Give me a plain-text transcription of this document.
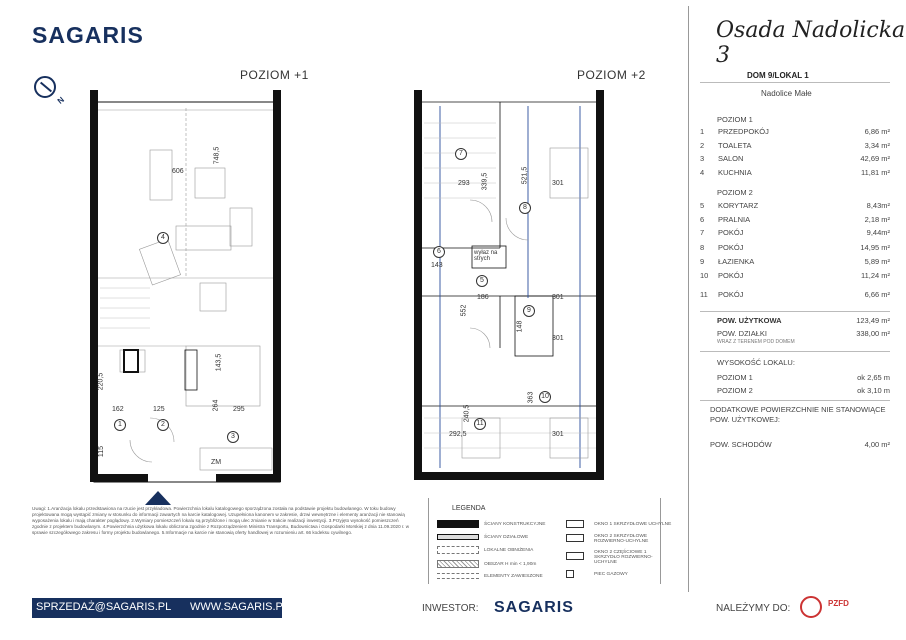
SAGARIS	Osada Nadolicka 3
POZIOM +1	POZIOM +2
N
606
748,5
143,5
264 295
162	125
220,5
115
ZM
4
1	2
3
339,5
293	521,5	301
wyłaz na strych
186	301
552
148
301
363
240,5
292,5	301
143
7
8
6
5
9
10
11
DOM 9/LOKAL 1
Nadolice Małe
POZIOM 1
POZIOM 2
1	PRZEDPOKÓJ	6,86 m²
2	TOALETA	3,34 m²
3	SALON	42,69 m²
4	KUCHNIA	11,81 m²
5	KORYTARZ	8,43m²
6	PRALNIA	2,18 m²
7	POKÓJ	9,44m²
8	POKÓJ	14,95 m²
9	ŁAZIENKA	5,89 m²
10 POKÓJ	11,24 m²
11 POKÓJ	6,66 m²
POW. UŻYTKOWA	123,49 m²
POW. DZIAŁKI	338,00 m²
WRAZ Z TERENEM POD DOMEM
WYSOKOŚĆ LOKALU:
POZIOM 1	ok 2,65 m
POZIOM 2	ok 3,10 m
DODATKOWE POWIERZCHNIE NIE STANOWIĄCE POW. UŻYTKOWEJ:
POW. SCHODÓW	4,00 m²
Uwagi: 1.Aranżacja lokalu przedstawiona na rzucie jest przykładowa. Powierzchnia lokalu katalogowego sporządzona została na podstawie projektu budowlanego. W toku budowy projektowana mogą wystąpić zmiany w stosunku do informacji zawartych na karcie katalogowej. Uzupełniona kanonem w zakresie, drzwi wewnętrzne i elementy aranżacji nie stanowią wyposażenia lokalu i mają charakter poglądowy. 2.Wymiary pomieszczeń lokalu są przybliżone i mogą ulec zmianie w trakcie realizacji inwestycji. 3.Przyjęto wysokość pomieszczeń zgodnie z projektem budowlanym. 4.Powierzchnia użytkowa lokalu obliczona zgodnie z Rozporządzeniem Ministra Transportu, Budownictwa i Gospodarki Morskiej z dnia 11.09.2020 r. w sprawie szczegółowego zakresu i formy projektu budowlanego. 5.Informacje na karcie nie stanowią oferty handlowej w rozumieniu art. 66 kodeksu cywilnego.
LEGENDA
ŚCIANY KONSTRUKCYJNE
ŚCIANY DZIAŁOWE
LOKALNE OBNIŻENIA
OBSZAR H min < 1,90m
ELEMENTY ZAWIESZONE
OKNO 1 SKRZYDŁOWE UCHYLNE
OKNO 2 SKRZYDŁOWE ROZWIERNO-UCHYLNE
OKNO 2 CZĘŚCIOWE 1 SKRZYDŁO ROZWIERNO-UCHYLNE
PIEC GAZOWY
SPRZEDAŻ@SAGARIS.PL WWW.SAGARIS.PL	INWESTOR: SAGARIS	NALEŻYMY DO:	PZFD
